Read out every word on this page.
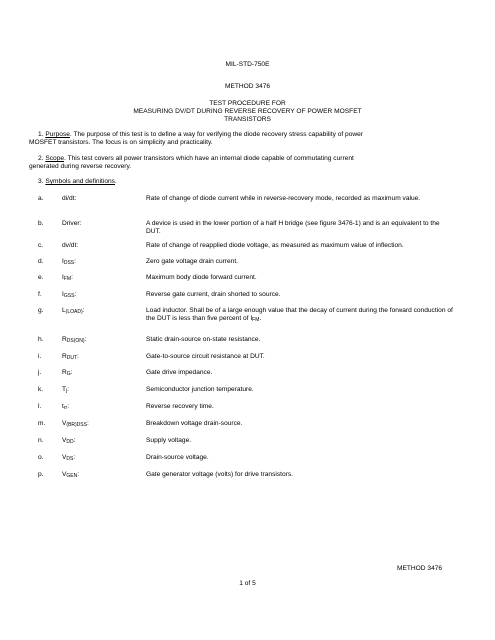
MIL-STD-750E
METHOD 3476
TEST PROCEDURE FOR
MEASURING DV/DT DURING REVERSE RECOVERY OF POWER MOSFET
TRANSISTORS
1. Purpose. The purpose of this test is to define a way for verifying the diode recovery stress capability of power
MOSFET transistors. The focus is on simplicity and practicality.
2. Scope. This test covers all power transistors which have an internal diode capable of commutating current
generated during reverse recovery.
3. Symbols and definitions.
a.	di/dt:	Rate of change of diode current while in reverse-recovery mode, recorded as maximum value.
b.	Driver:	A device is used in the lower portion of a half H bridge (see figure 3476-1) and is an equivalent to the DUT.
c.	dv/dt:	Rate of change of reapplied diode voltage, as measured as maximum value of inflection.
d.	$I_{DSS}$:	Zero gate voltage drain current.
e.	$I_{FM}$:	Maximum body diode forward current.
f.	$I_{GSS}$:	Reverse gate current, drain shorted to source.
g.	$L_{(LOAD)}$:	Load inductor. Shall be of a large enough value that the decay of current during the forward conduction of the DUT is less than five percent of $I_{FM}$.
h.	$R_{DS(ON)}$:	Static drain-source on-state resistance.
i.	$R_{DUT}$:	Gate-to-source circuit resistance at DUT.
j.	$R_G$:	Gate drive impedance.
k.	$T_j$:	Semiconductor junction temperature.
l.	$t_{rr}$:	Reverse recovery time.
m.	$V_{(BR)DSS}$:	Breakdown voltage drain-source.
n.	$V_{DD}$:	Supply voltage.
o.	$V_{DS}$:	Drain-source voltage.
p.	$V_{GEN}$:	Gate generator voltage (volts) for drive transistors.
METHOD 3476
1 of 5
